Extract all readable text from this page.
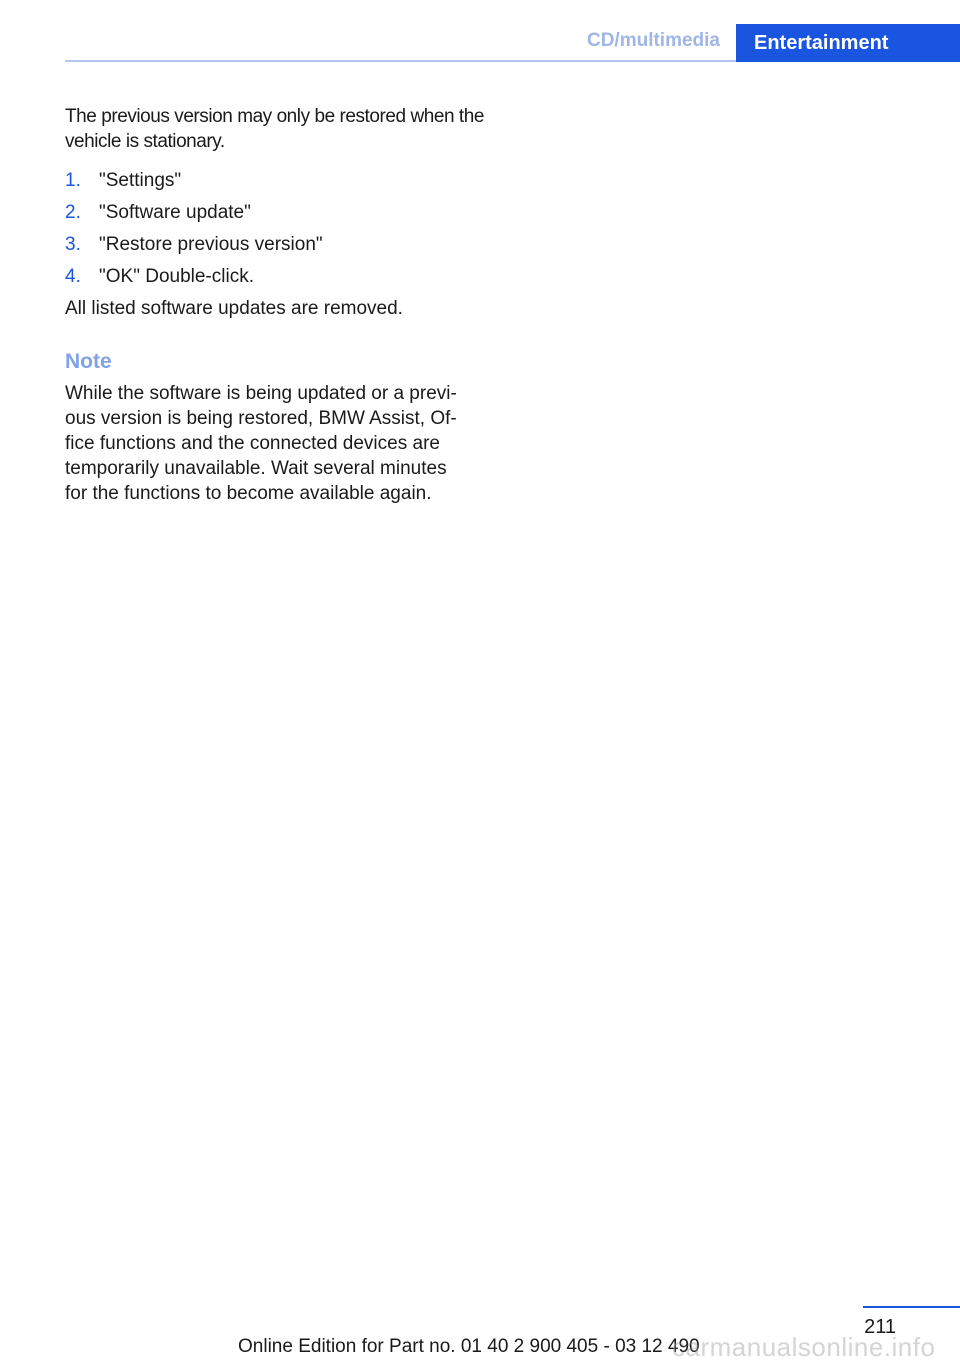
CD/multimedia	Entertainment

The previous version may only be restored when the vehicle is stationary.

1. "Settings"
2. "Software update"
3. "Restore previous version"
4. "OK" Double-click.

All listed software updates are removed.

Note

While the software is being updated or a previous version is being restored, BMW Assist, Office functions and the connected devices are temporarily unavailable. Wait several minutes for the functions to become available again.

211
Online Edition for Part no. 01 40 2 900 405 - 03 12 490
carmanualsonline.info
